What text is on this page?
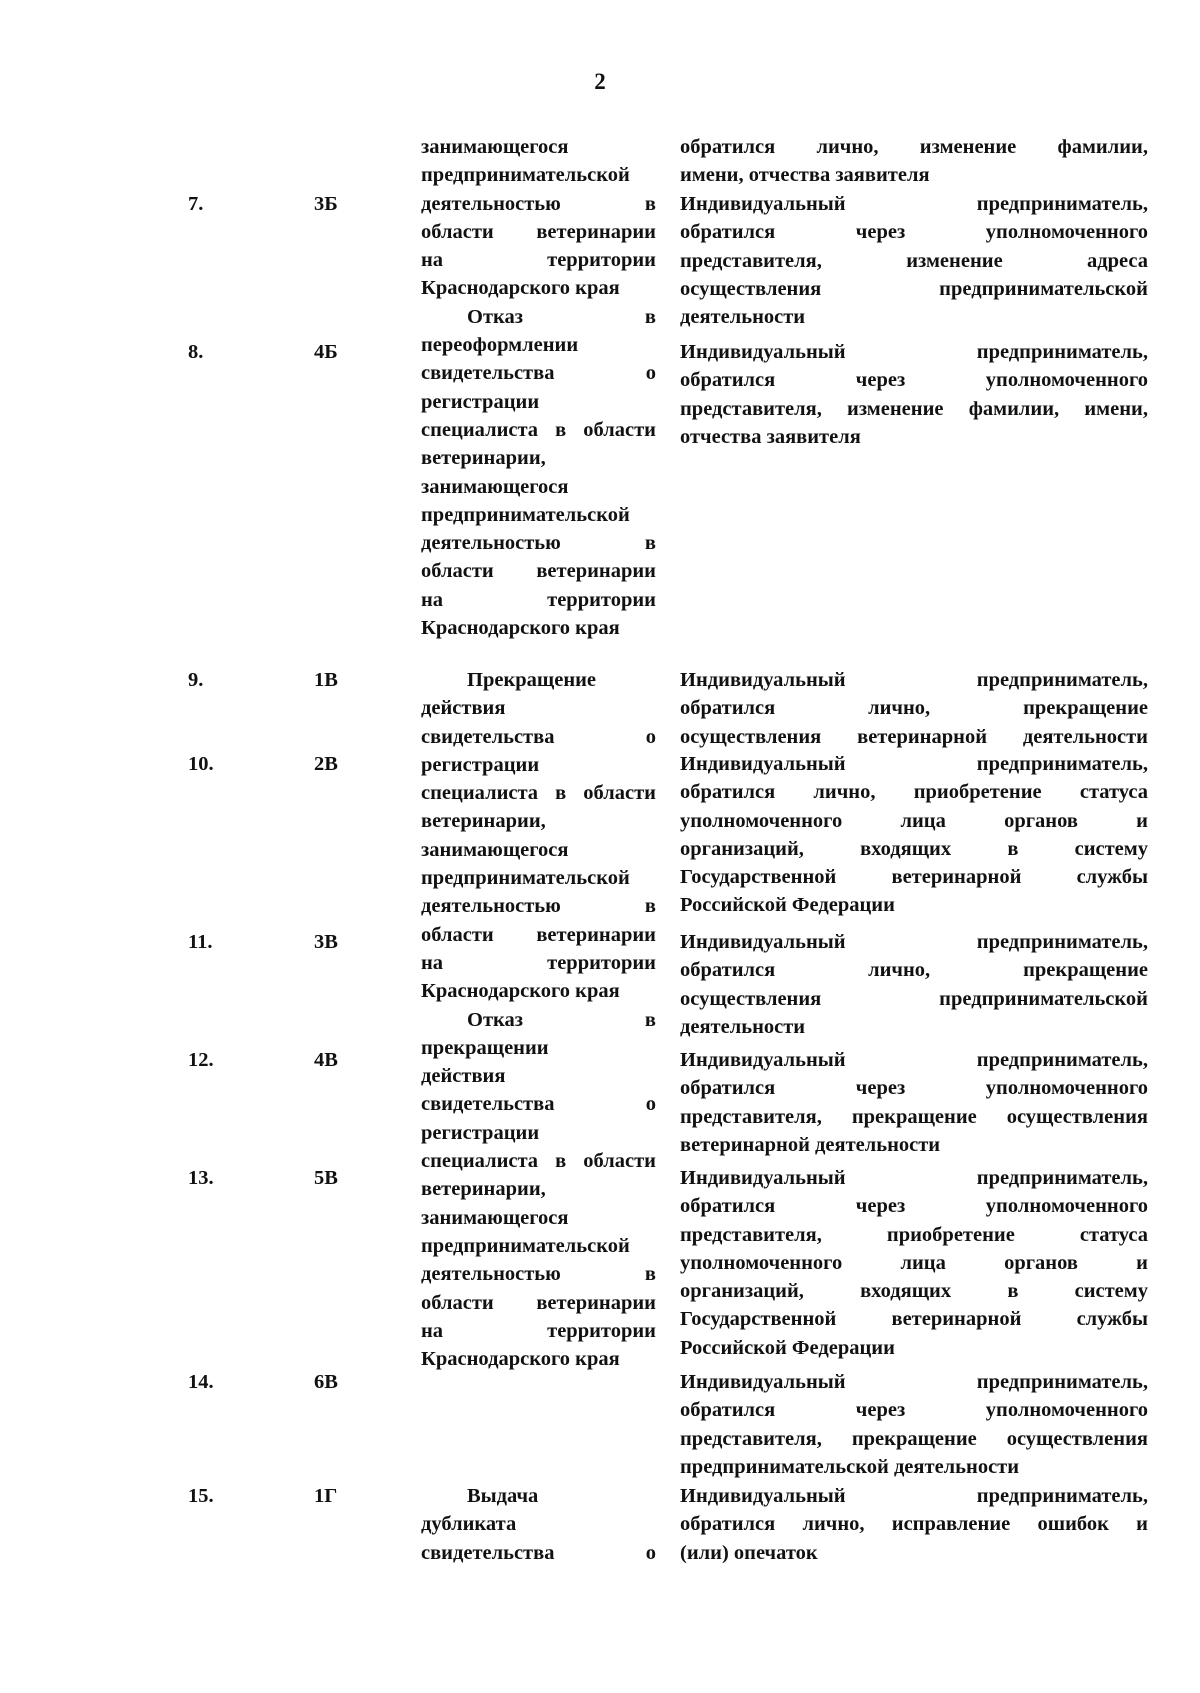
2
7.
8.
9.
10.
11.
12.
13.
14.
15.
3Б
4Б
1В
2В
3В
4В
5В
6В
1Г
занимающегося
предпринимательской
деятельностью в
области ветеринарии
на территории
Краснодарского края
Отказ в
переоформлении
свидетельства о
регистрации
специалиста в области
ветеринарии,
занимающегося
предпринимательской
деятельностью в
области ветеринарии
на территории
Краснодарского края
обратился лично, изменение фамилии,
имени, отчества заявителя
Индивидуальный предприниматель,
обратился через уполномоченного
представителя, изменение адреса
осуществления предпринимательской
деятельности
Индивидуальный предприниматель,
обратился через уполномоченного
представителя, изменение фамилии, имени,
отчества заявителя
Прекращение
действия
свидетельства о
регистрации
специалиста в области
ветеринарии,
занимающегося
предпринимательской
деятельностью в
области ветеринарии
на территории
Краснодарского края
Отказ в
прекращении
действия
свидетельства о
регистрации
специалиста в области
ветеринарии,
занимающегося
предпринимательской
деятельностью в
области ветеринарии
на территории
Краснодарского края
Индивидуальный предприниматель,
обратился лично, прекращение
осуществления ветеринарной деятельности
Индивидуальный предприниматель,
обратился лично, приобретение статуса
уполномоченного лица органов и
организаций, входящих в систему
Государственной ветеринарной службы
Российской Федерации
Индивидуальный предприниматель,
обратился лично, прекращение
осуществления предпринимательской
деятельности
Индивидуальный предприниматель,
обратился через уполномоченного
представителя, прекращение осуществления
ветеринарной деятельности
Индивидуальный предприниматель,
обратился через уполномоченного
представителя, приобретение статуса
уполномоченного лица органов и
организаций, входящих в систему
Государственной ветеринарной службы
Российской Федерации
Индивидуальный предприниматель,
обратился через уполномоченного
представителя, прекращение осуществления
предпринимательской деятельности
Выдача
дубликата
свидетельства о
Индивидуальный предприниматель,
обратился лично, исправление ошибок и
(или) опечаток
